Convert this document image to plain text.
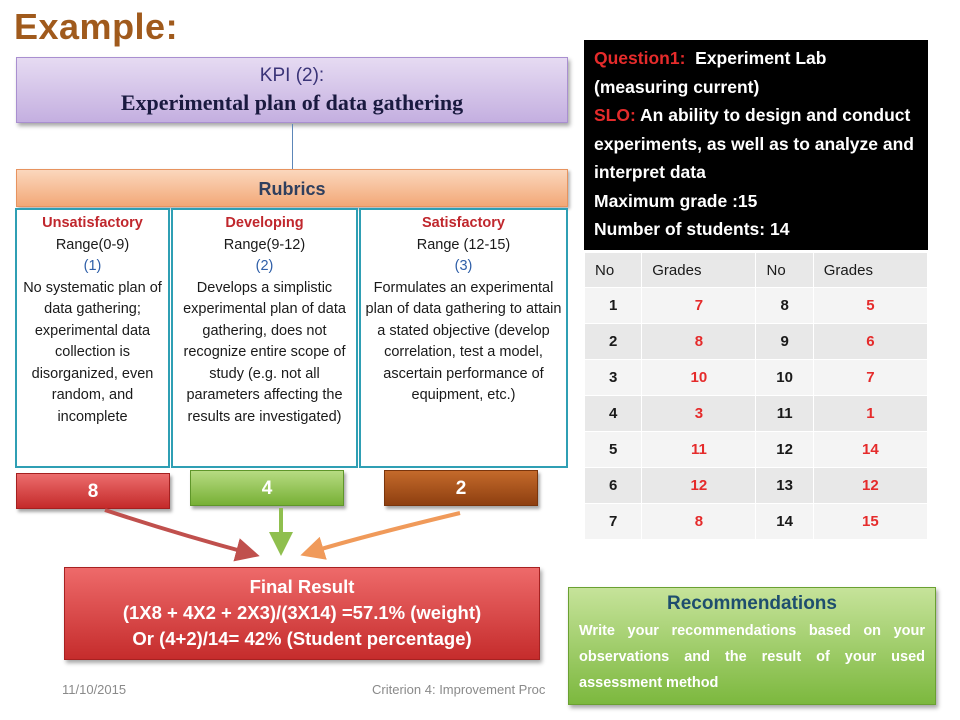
Example:
KPI (2):
Experimental plan of data gathering
Rubrics
Unsatisfactory
Range(0-9)
(1)
No systematic plan of data gathering; experimental data collection is disorganized, even random, and incomplete
Developing
Range(9-12)
(2)
Develops a simplistic experimental plan of data gathering, does not recognize entire scope of study (e.g. not all parameters affecting the results are investigated)
Satisfactory
Range (12-15)
(3)
Formulates an experimental plan of data gathering to attain a stated objective (develop correlation, test a model, ascertain performance of equipment, etc.)
8	4	2
Final Result
(1X8 + 4X2 + 2X3)/(3X14) =57.1% (weight)
Or (4+2)/14= 42% (Student percentage)
11/10/2015	Criterion 4: Improvement Proc
Question1: Experiment Lab (measuring current)
SLO: An ability to design and conduct experiments, as well as to analyze and interpret data
Maximum grade :15
Number of students: 14
No	Grades	No	Grades
1	7	8	5
2	8	9	6
3	10	10	7
4	3	11	1
5	11	12	14
6	12	13	12
7	8	14	15
Recommendations
Write your recommendations based on your observations and the result of your used assessment method
